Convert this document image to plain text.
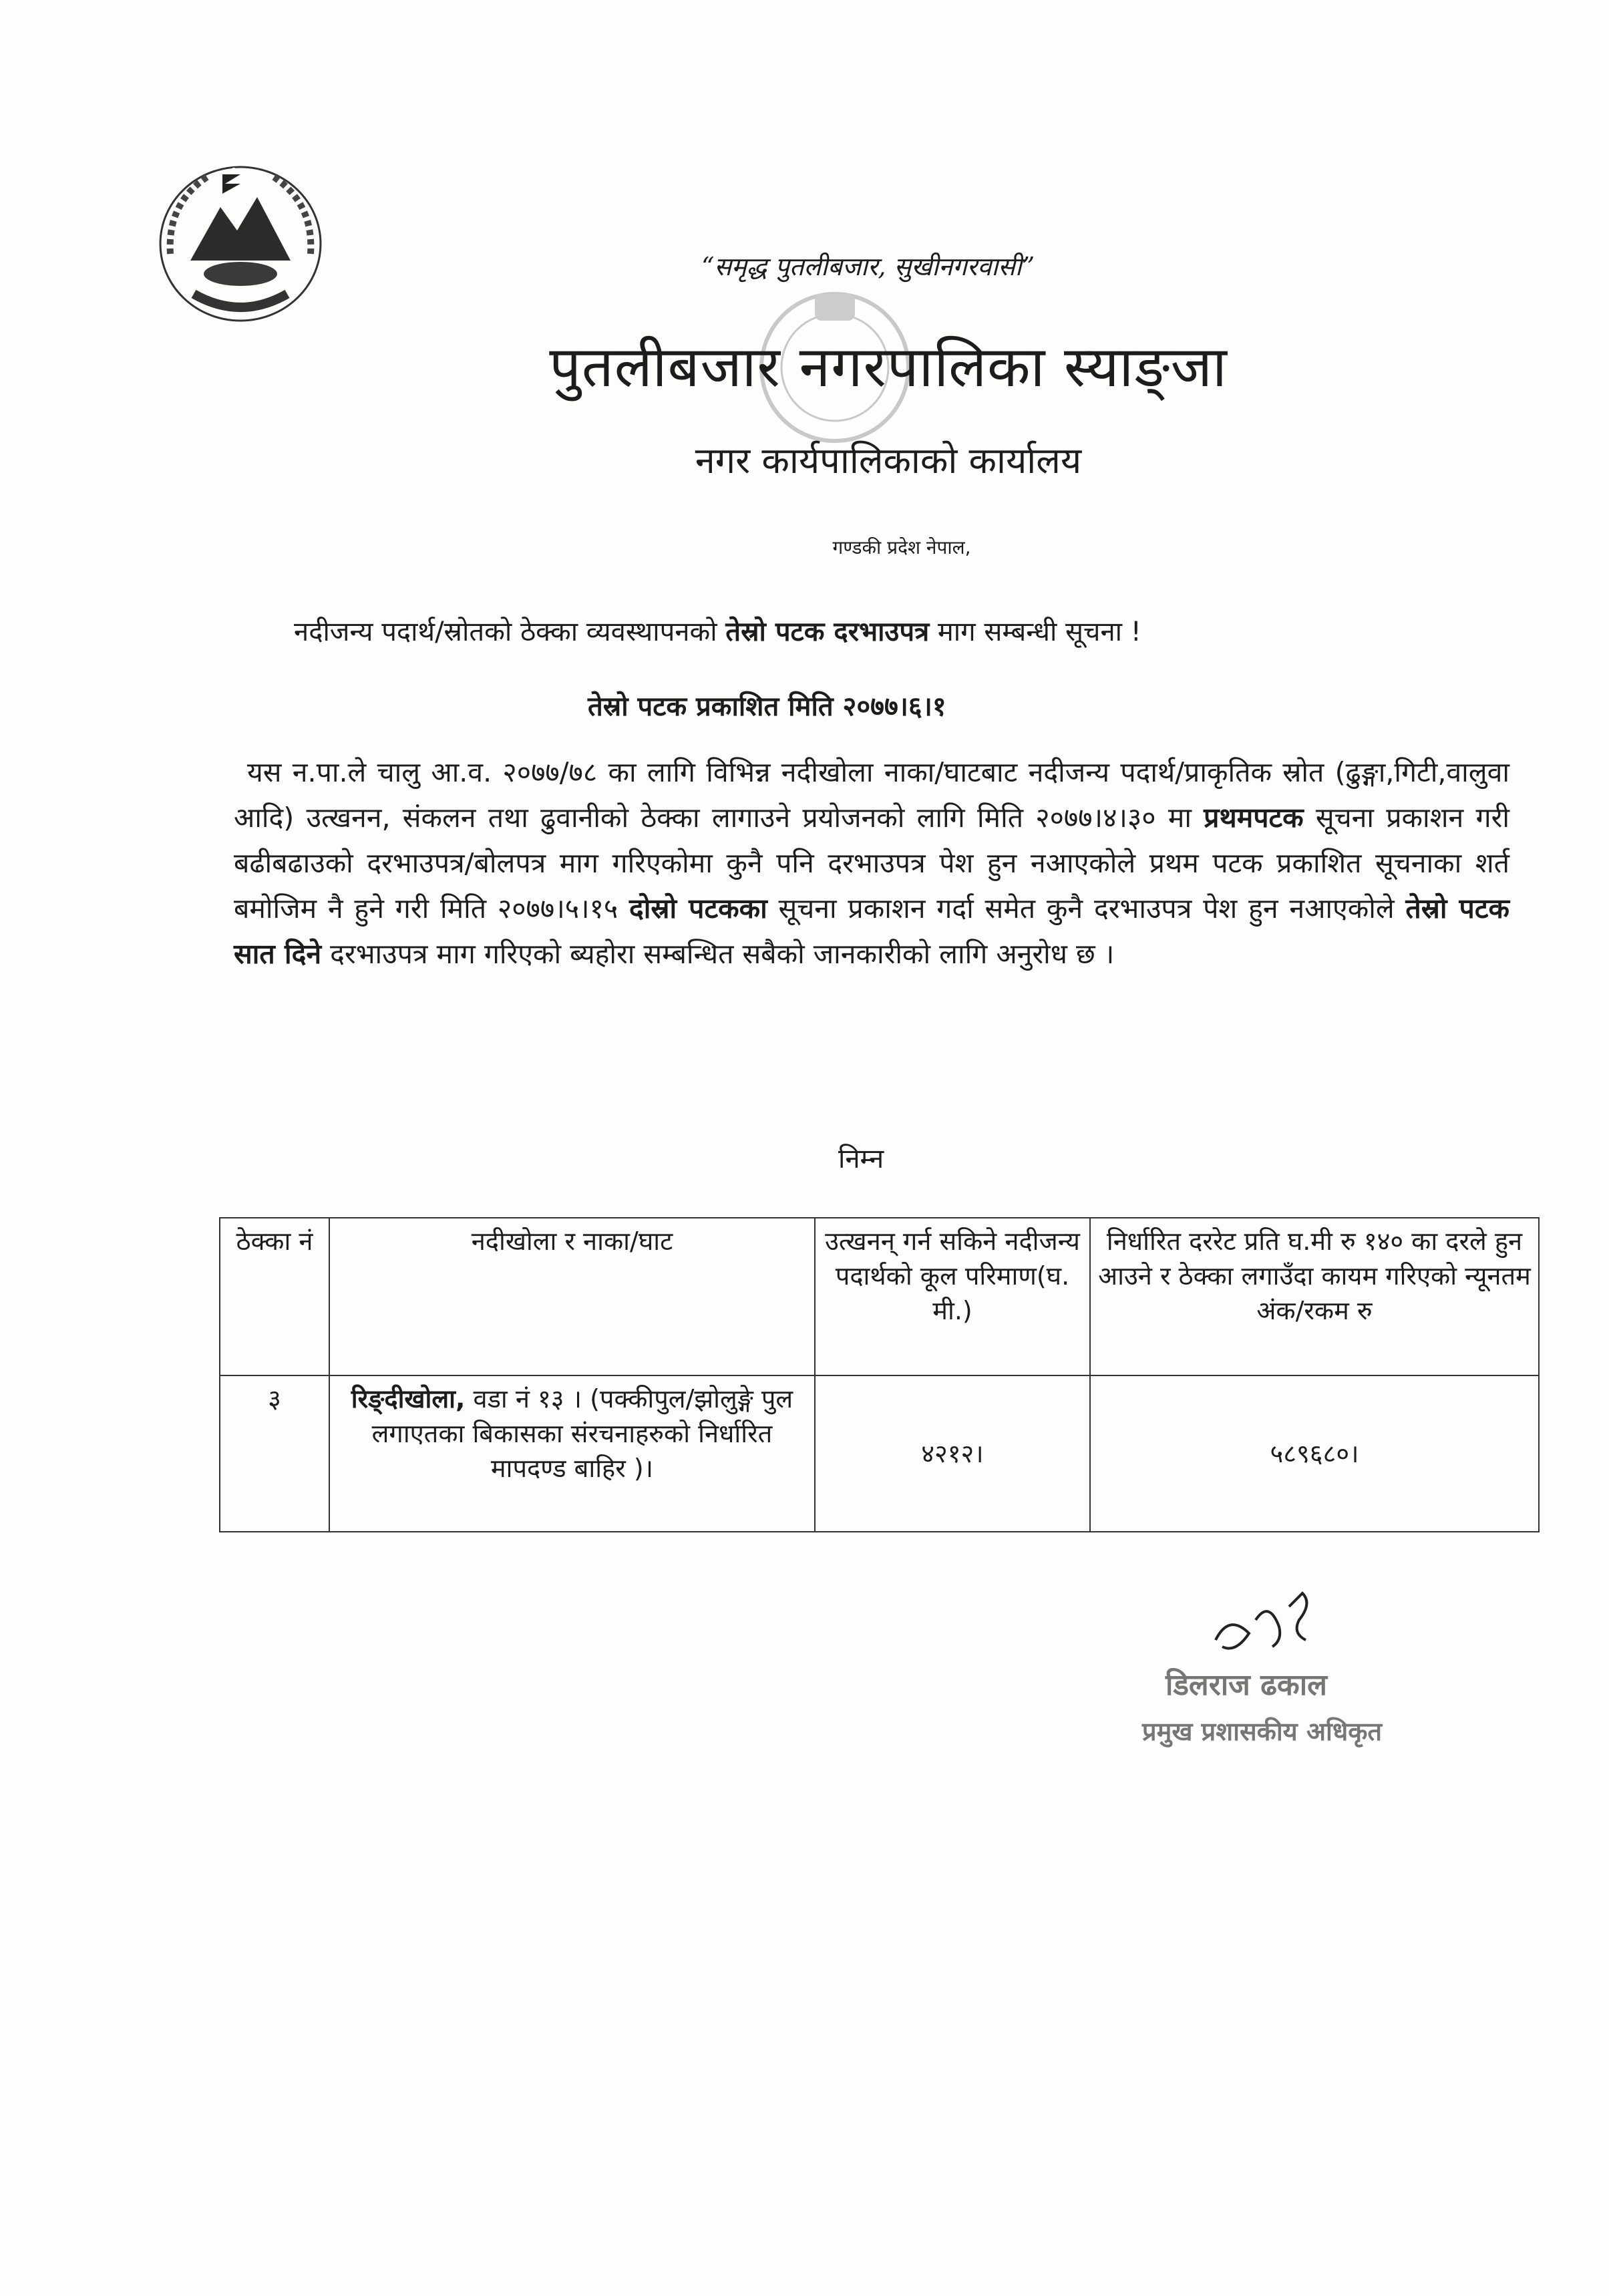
“समृद्ध पुतलीबजार, सुखीनगरवासी”
पुतलीबजार नगरपालिका स्याङ्जा
नगर कार्यपालिकाको कार्यालय
गण्डकी प्रदेश नेपाल,
नदीजन्य पदार्थ/स्रोतको ठेक्का व्यवस्थापनको तेस्रो पटक दरभाउपत्र माग सम्बन्धी सूचना !
तेस्रो पटक प्रकाशित मिति २०७७।६।१
यस न.पा.ले चालु आ.व. २०७७/७८ का लागि विभिन्न नदीखोला नाका/घाटबाट नदीजन्य पदार्थ/प्राकृतिक स्रोत (ढुङ्गा,गिटी,वालुवा आदि) उत्खनन, संकलन तथा ढुवानीको ठेक्का लागाउने प्रयोजनको लागि मिति २०७७।४।३० मा प्रथमपटक सूचना प्रकाशन गरी बढीबढाउको दरभाउपत्र/बोलपत्र माग गरिएकोमा कुनै पनि दरभाउपत्र पेश हुन नआएकोले प्रथम पटक प्रकाशित सूचनाका शर्त बमोजिम नै हुने गरी मिति २०७७।५।१५ दोस्रो पटकका सूचना प्रकाशन गर्दा समेत कुनै दरभाउपत्र पेश हुन नआएकोले तेस्रो पटक सात दिने दरभाउपत्र माग गरिएको ब्यहोरा सम्बन्धित सबैको जानकारीको लागि अनुरोध छ ।
निम्न
ठेक्का नं	नदीखोला र नाका/घाट	उत्खनन् गर्न सकिने नदीजन्य पदार्थको कूल परिमाण(घ. मी.)	निर्धारित दररेट प्रति घ.मी रु १४० का दरले हुन आउने र ठेक्का लगाउँदा कायम गरिएको न्यूनतम अंक/रकम रु
३	रिङ्दीखोला, वडा नं १३ । (पक्कीपुल/झोलुङ्गे पुल लगाएतका बिकासका संरचनाहरुको निर्धारित मापदण्ड बाहिर )।	४२१२।	५८९६८०।
डिलराज ढकाल
प्रमुख प्रशासकीय अधिकृत
